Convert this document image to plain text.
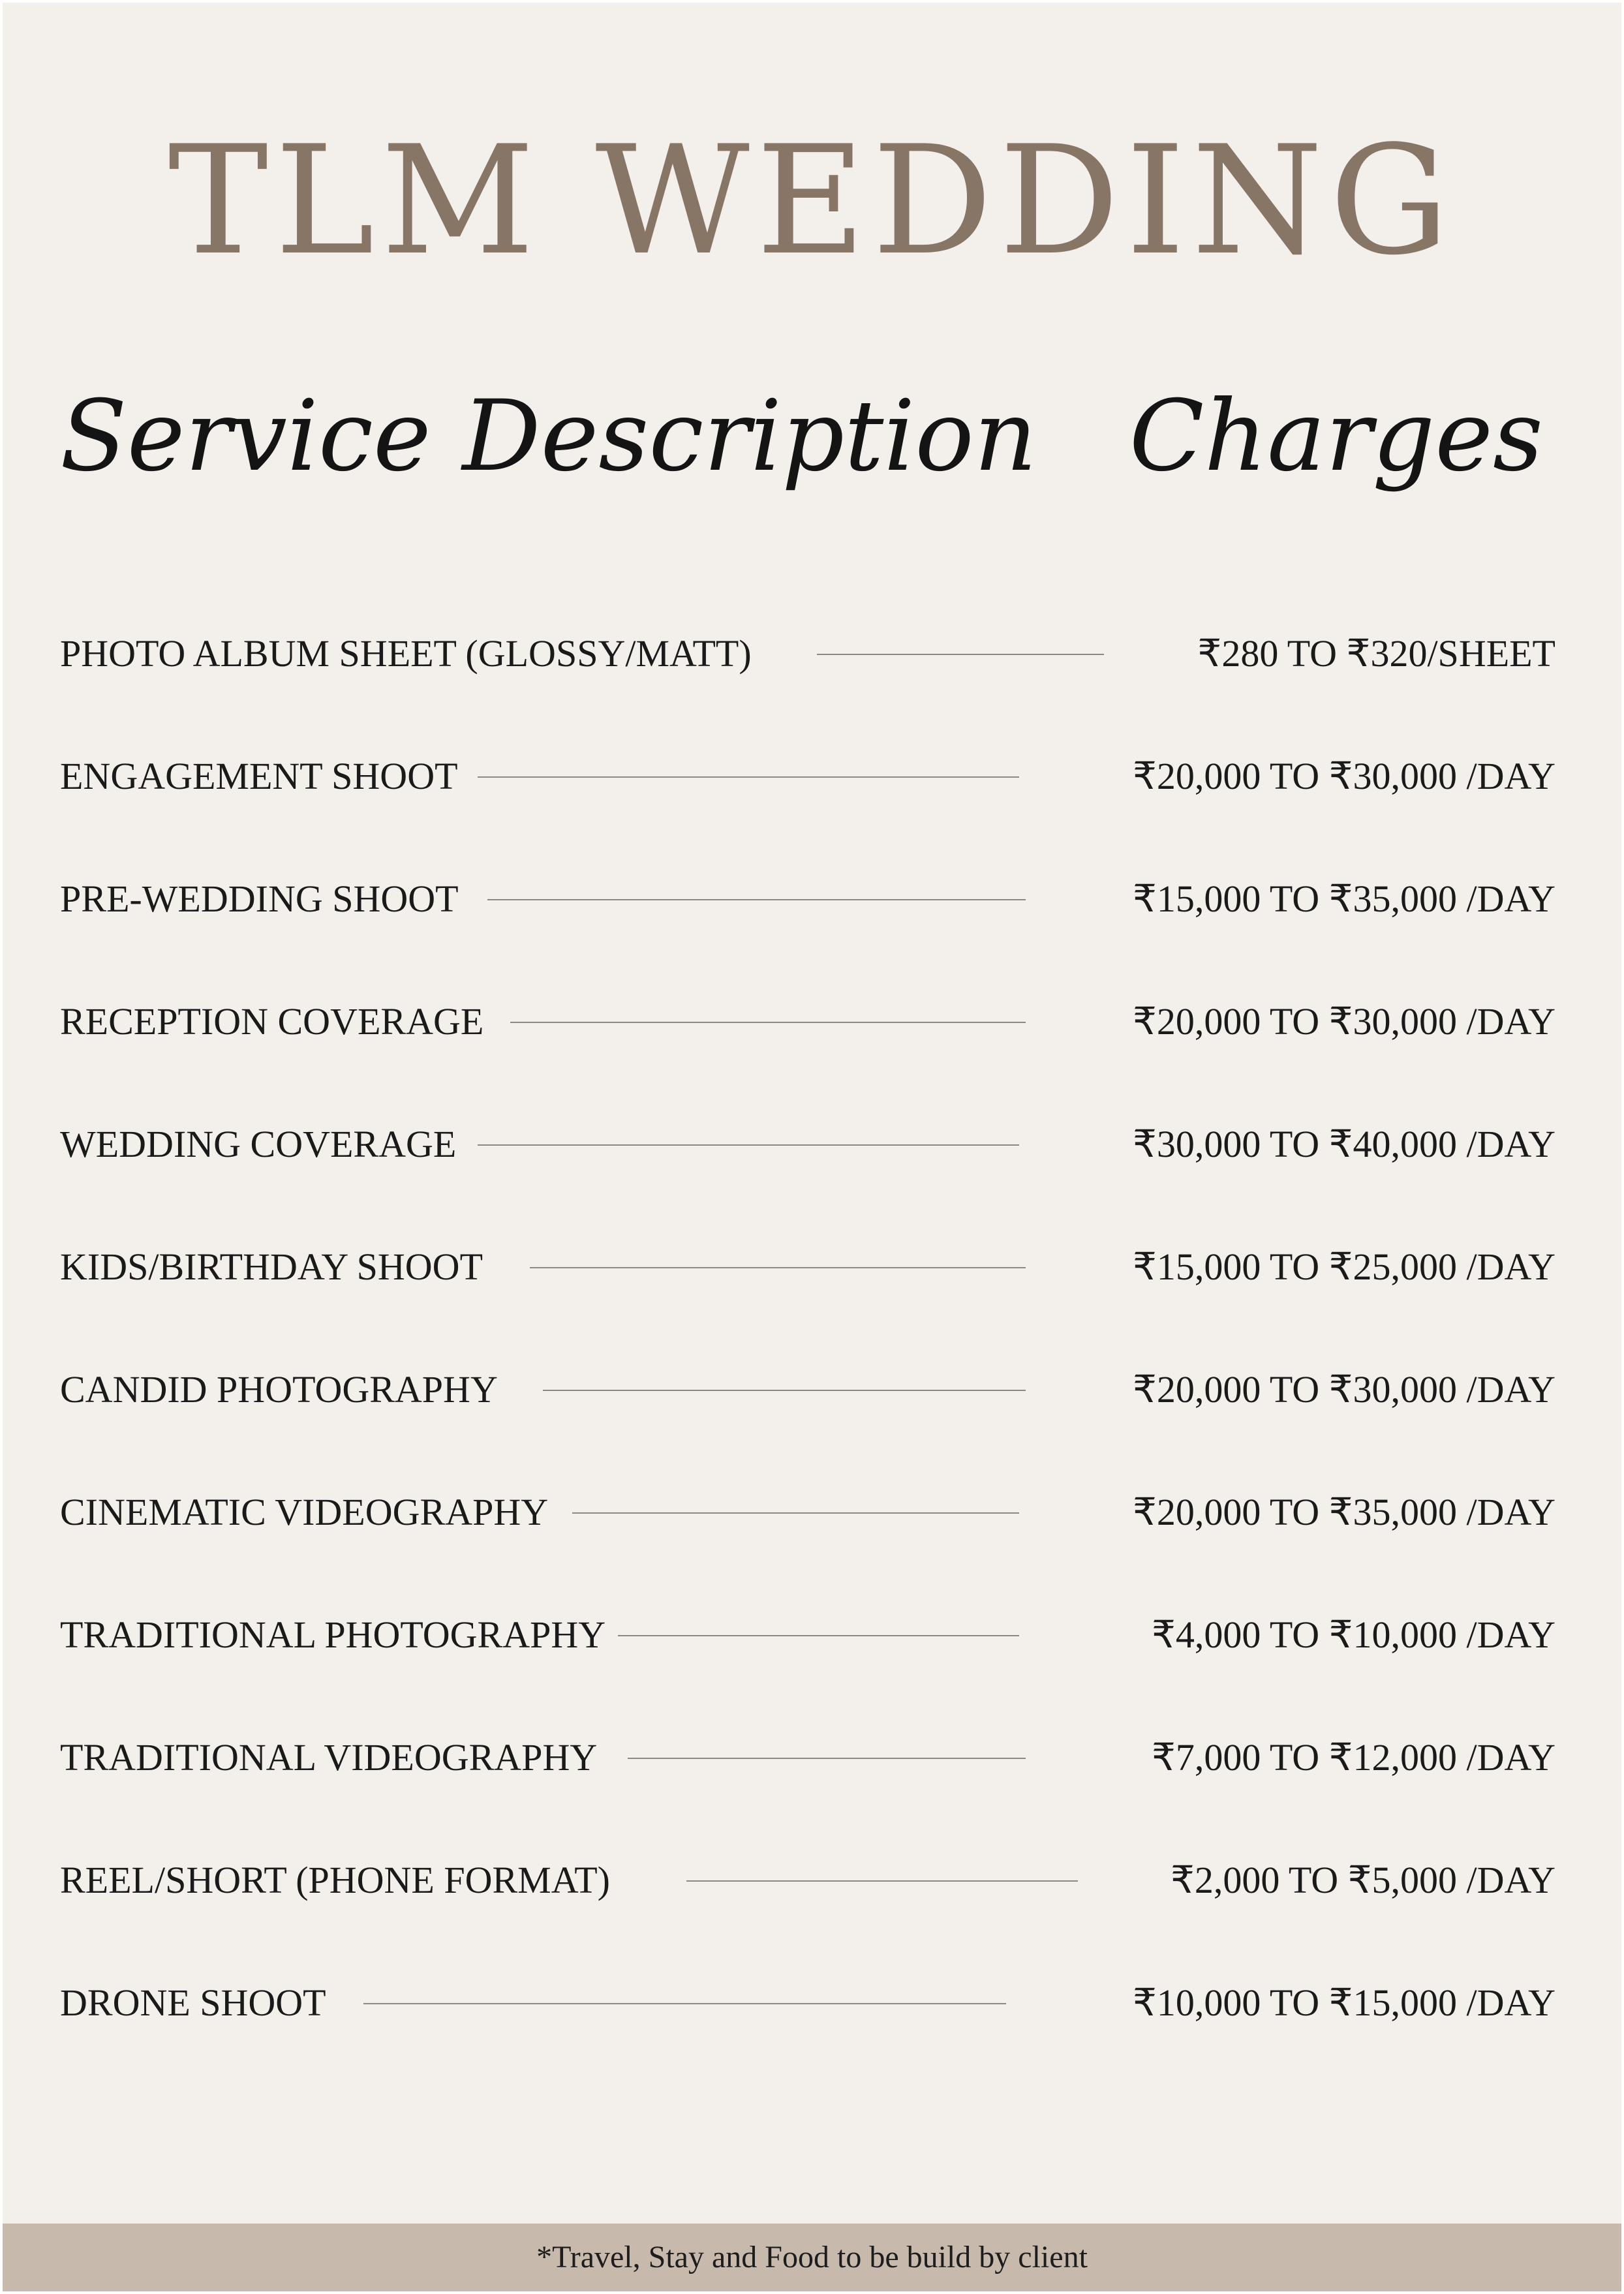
TLM WEDDING
Service Description Charges
PHOTO ALBUM SHEET (GLOSSY/MATT)	₹280 TO ₹320/SHEET
ENGAGEMENT SHOOT	₹20,000 TO ₹30,000 /DAY
PRE-WEDDING SHOOT	₹15,000 TO ₹35,000 /DAY
RECEPTION COVERAGE	₹20,000 TO ₹30,000 /DAY
WEDDING COVERAGE	₹30,000 TO ₹40,000 /DAY
KIDS/BIRTHDAY SHOOT	₹15,000 TO ₹25,000 /DAY
CANDID PHOTOGRAPHY	₹20,000 TO ₹30,000 /DAY
CINEMATIC VIDEOGRAPHY	₹20,000 TO ₹35,000 /DAY
TRADITIONAL PHOTOGRAPHY	₹4,000 TO ₹10,000 /DAY
TRADITIONAL VIDEOGRAPHY	₹7,000 TO ₹12,000 /DAY
REEL/SHORT (PHONE FORMAT)	₹2,000 TO ₹5,000 /DAY
DRONE SHOOT	₹10,000 TO ₹15,000 /DAY
*Travel, Stay and Food to be build by client
